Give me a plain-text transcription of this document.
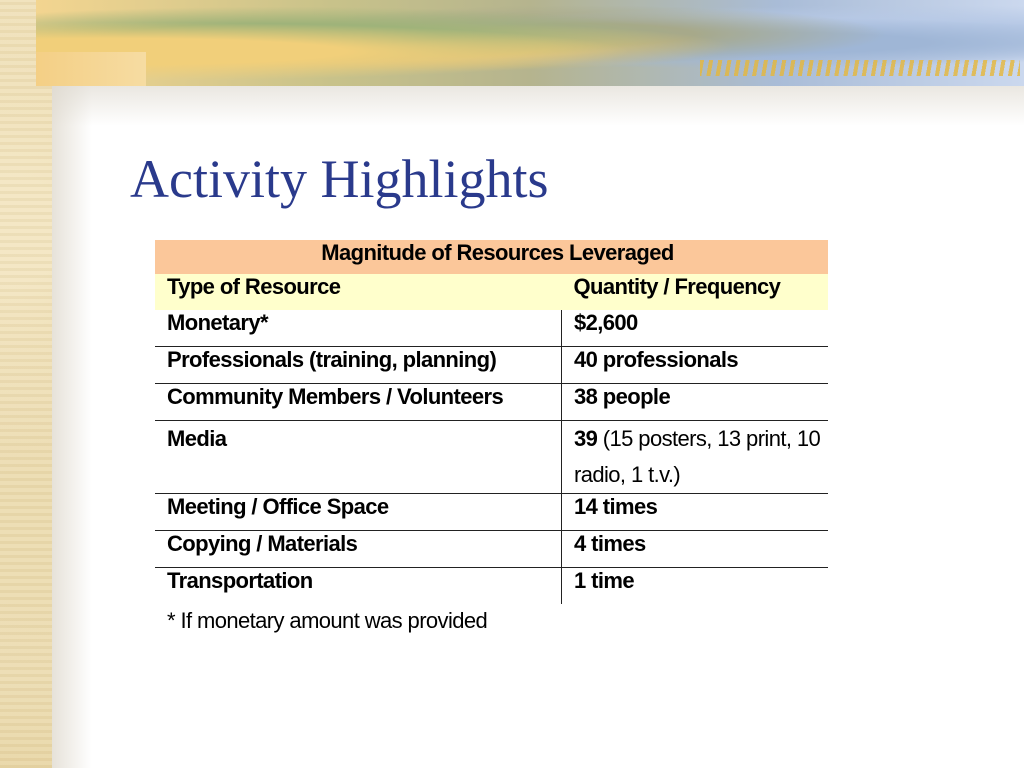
Activity Highlights
Magnitude of Resources Leveraged	
Type of Resource	Quantity / Frequency
Monetary*	$2,600
Professionals (training, planning)	40 professionals
Community Members / Volunteers	38 people
Media	39 (15 posters, 13 print, 10 radio, 1 t.v.)
Meeting / Office Space	14 times
Copying / Materials	4 times
Transportation	1 time
* If monetary amount was provided
